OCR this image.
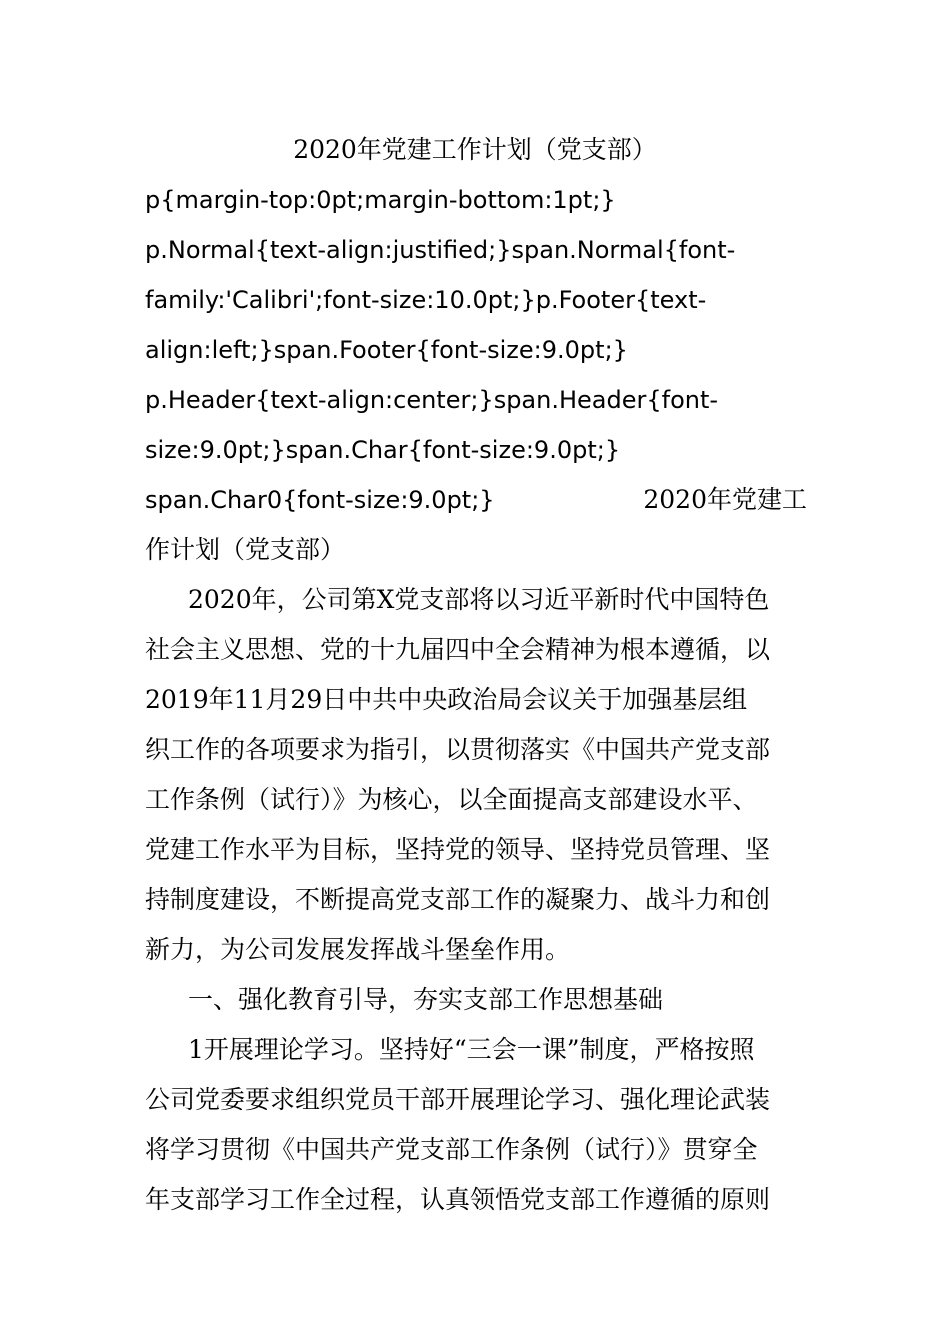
2020年党建工作计划（党支部）
p{margin-top:0pt;margin-bottom:1pt;}
p.Normal{text-align:justified;}span.Normal{font-
family:'Calibri';font-size:10.0pt;}p.Footer{text-
align:left;}span.Footer{font-size:9.0pt;}
p.Header{text-align:center;}span.Header{font-
size:9.0pt;}span.Char{font-size:9.0pt;}
span.Char0{font-size:9.0pt;}	2020年党建工
作计划（党支部）
2020年，公司第X党支部将以习近平新时代中国特色
社会主义思想、党的十九届四中全会精神为根本遵循，以
2019年11月29日中共中央政治局会议关于加强基层组
织工作的各项要求为指引，以贯彻落实《中国共产党支部
工作条例（试行）》为核心，以全面提高支部建设水平、
党建工作水平为目标，坚持党的领导、坚持党员管理、坚
持制度建设，不断提高党支部工作的凝聚力、战斗力和创
新力，为公司发展发挥战斗堡垒作用。
一、强化教育引导，夯实支部工作思想基础
1开展理论学习。坚持好“三会一课”制度，严格按照
公司党委要求组织党员干部开展理论学习、强化理论武装
将学习贯彻《中国共产党支部工作条例（试行）》贯穿全
年支部学习工作全过程，认真领悟党支部工作遵循的原则
